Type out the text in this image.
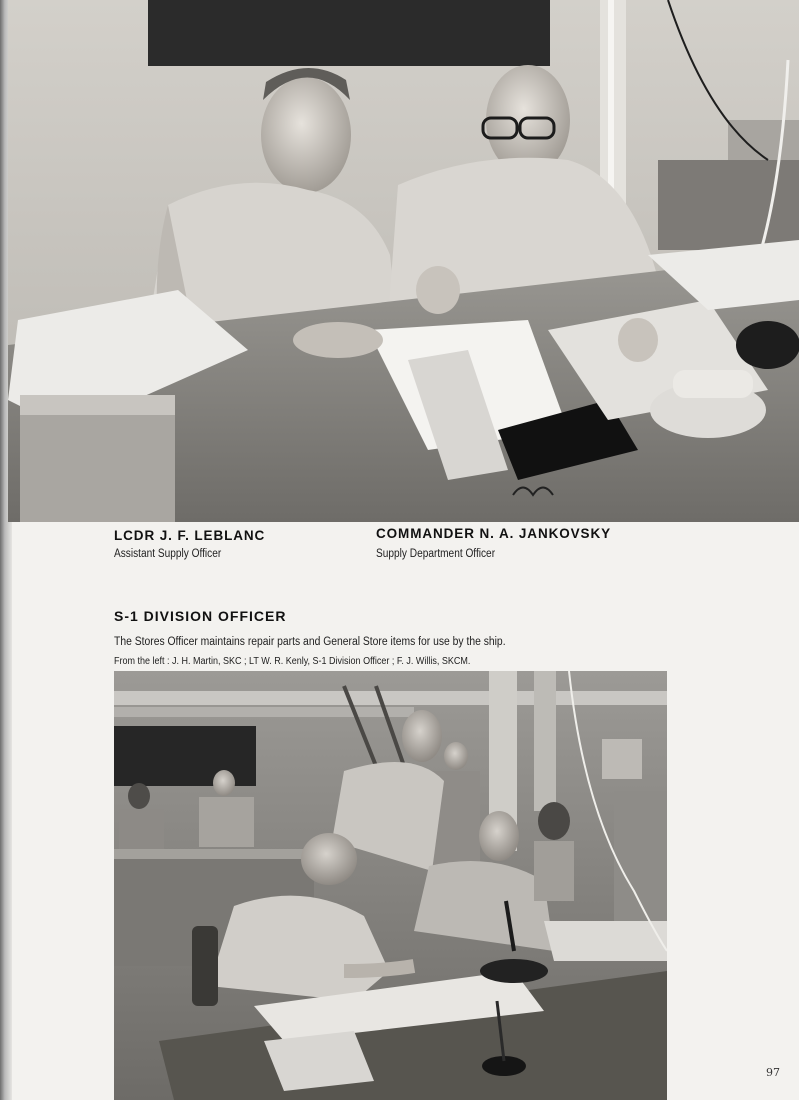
LCDR J. F. LEBLANC
Assistant Supply Officer
COMMANDER N. A. JANKOVSKY
Supply Department Officer
S-1 DIVISION OFFICER
The Stores Officer maintains repair parts and General Store items for use by the ship.
From the left : J. H. Martin, SKC ; LT W. R. Kenly, S-1 Division Officer ; F. J. Willis, SKCM.
97
